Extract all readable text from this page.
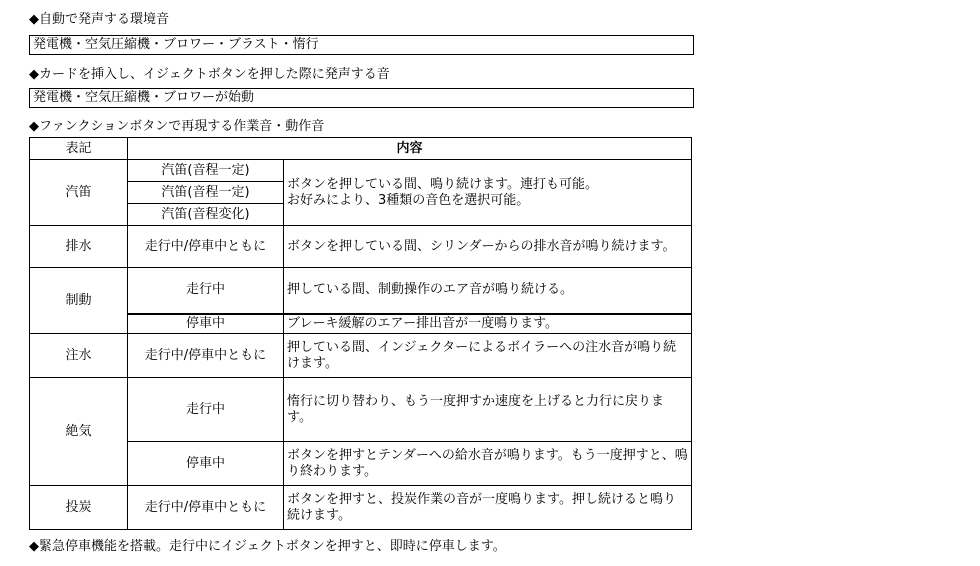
◆自動で発声する環境音
発電機・空気圧縮機・ブロワー・ブラスト・惰行
◆カードを挿入し、イジェクトボタンを押した際に発声する音
発電機・空気圧縮機・ブロワーが始動
◆ファンクションボタンで再現する作業音・動作音
表記	内容	
汽笛	汽笛(音程一定)	ボタンを押している間、鳴り続けます。連打も可能。
お好みにより、3種類の音色を選択可能。

	汽笛(音程一定)	
	汽笛(音程変化)	
排水	走行中/停車中ともに	ボタンを押している間、シリンダーからの排水音が鳴り続けます。
制動	走行中	押している間、制動操作のエア音が鳴り続ける。
	停車中	ブレーキ緩解のエアー排出音が一度鳴ります。
注水	走行中/停車中ともに	押している間、インジェクターによるボイラーへの注水音が鳴り続けます。
絶気	走行中	惰行に切り替わり、もう一度押すか速度を上げると力行に戻ります。
	停車中	ボタンを押すとテンダーへの給水音が鳴ります。もう一度押すと、鳴り終わります。
投炭	走行中/停車中ともに	ボタンを押すと、投炭作業の音が一度鳴ります。押し続けると鳴り続けます。
◆緊急停車機能を搭載。走行中にイジェクトボタンを押すと、即時に停車します。
